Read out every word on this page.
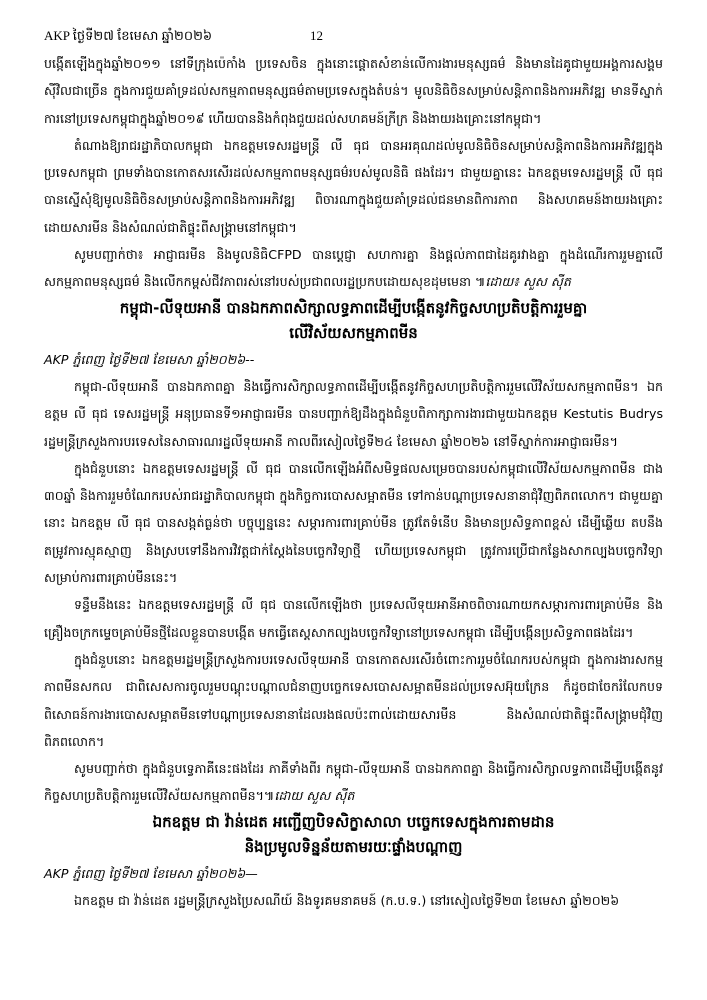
AKP ថ្ងៃទី២៧ ខែមេសា ឆ្នាំ២០២៦	12

បង្កើតឡើងក្នុងឆ្នាំ២០១១ នៅទីក្រុងប៉េកាំង ប្រទេសចិន ក្នុងនោះផ្ដោតសំខាន់លើការងារមនុស្សធម៌ និងមានដៃគូជាមួយអង្គការសង្គមស៊ីវិលជាច្រើន ក្នុងការជួយគាំទ្រដល់សកម្មភាពមនុស្សធម៌តាមប្រទេសក្នុងតំបន់។ មូលនិធិចិនសម្រាប់សន្តិភាពនិងការអភិវឌ្ឍ មានទីស្នាក់ការនៅប្រទេសកម្ពុជាក្នុងឆ្នាំ២០១៩ ហើយបាននិងកំពុងជួយដល់សហគមន៍ក្រីក្រ និងងាយរងគ្រោះនៅកម្ពុជា។

តំណាងឱ្យរាជរដ្ឋាភិបាលកម្ពុជា ឯកឧត្តមទេសរដ្ឋមន្ត្រី លី ធុជ បានអរគុណដល់មូលនិធិចិនសម្រាប់សន្តិភាពនិងការអភិវឌ្ឍក្នុងប្រទេសកម្ពុជា ព្រមទាំងបានកោតសរសើរដល់សកម្មភាពមនុស្សធម៌របស់មូលនិធិ ផងដែរ។ ជាមួយគ្នានេះ ឯកឧត្តមទេសរដ្ឋមន្ត្រី លី ធុជ បានស្នើសុំឱ្យមូលនិធិចិនសម្រាប់សន្តិភាពនិងការអភិវឌ្ឍ ពិចារណាក្នុងជួយគាំទ្រដល់ជនមានពិការភាព និងសហគមន៍ងាយរងគ្រោះដោយសារមីន និងសំណល់ជាតិផ្ទុះពីសង្គ្រាមនៅកម្ពុជា។

សូមបញ្ជាក់ថា៖ អាជ្ញាធរមីន និងមូលនិធិCFPD បានប្ដេជ្ញា សហការគ្នា និងផ្ដល់ភាពជាដៃគូរវាងគ្នា ក្នុងដំណើរការរួមគ្នាលើសកម្មភាពមនុស្សធម៌ និងលើកកម្ពស់ជីវភាពរស់នៅរបស់ប្រជាពលរដ្ឋប្រកបដោយសុខដុមមេនា ៕ដោយ៖ សួស ស៊ីត

កម្ពុជា-លីទុយអានី បានឯកភាពសិក្សាលទ្ធភាពដើម្បីបង្កើតនូវកិច្ចសហប្រតិបត្តិការរួមគ្នា
លើវិស័យសកម្មភាពមីន
AKP ភ្នំពេញ ថ្ងៃទី២៧ ខែមេសា ឆ្នាំ២០២៦--

កម្ពុជា-លីទុយអានី បានឯកភាពគ្នា និងធ្វើការសិក្សាលទ្ធភាពដើម្បីបង្កើតនូវកិច្ចសហប្រតិបត្តិការរួមលើវិស័យសកម្មភាពមីន។ ឯកឧត្តម លី ធុជ ទេសរដ្ឋមន្ត្រី អនុប្រធានទី១អាជ្ញាធរមីន បានបញ្ជាក់ឱ្យដឹងក្នុងជំនួបពិភាក្សាការងារជាមួយឯកឧត្តម Kestutis Budrys រដ្ឋមន្ត្រីក្រសួងការបរទេសនៃសាធារណរដ្ឋលីទុយអានី កាលពីរសៀលថ្ងៃទី២៤ ខែមេសា ឆ្នាំ២០២៦ នៅទីស្នាក់ការអាជ្ញាធរមីន។

ក្នុងជំនួបនោះ ឯកឧត្តមទេសរដ្ឋមន្ត្រី លី ធុជ បានលើកឡើងអំពីសមិទ្ធផលសម្រេចបានរបស់កម្ពុជាលើវិស័យសកម្មភាពមីន ជាង ៣០ឆ្នាំ និងការរួមចំណែករបស់រាជរដ្ឋាភិបាលកម្ពុជា ក្នុងកិច្ចការបោសសម្អាតមីន ទៅកាន់បណ្ដាប្រទេសនានាជុំវិញពិភពលោក។ ជាមួយគ្នានោះ ឯកឧត្តម លី ធុជ បានសង្កត់ធ្ងន់ថា បច្ចុប្បន្ននេះ សម្ភារការពារគ្រាប់មីន ត្រូវតែទំនើប និងមានប្រសិទ្ធភាពខ្ពស់ ដើម្បីឆ្លើយ តបនឹងតម្រូវការស្មុគស្មាញ និងស្របទៅនឹងការវិវត្តជាក់ស្ដែងនៃបច្ចេកវិទ្យាថ្មី ហើយប្រទេសកម្ពុជា ត្រូវការប្រើជាកន្លែងសាកល្បងបច្ចេកវិទ្យាសម្រាប់ការពារគ្រាប់មីននេះ។

ទន្ទឹមនឹងនេះ ឯកឧត្តមទេសរដ្ឋមន្ត្រី លី ធុជ បានលើកឡើងថា ប្រទេសលីទុយអានីអាចពិចារណាយកសម្ភារការពារគ្រាប់មីន និងគ្រឿងចក្រកម្ទេចគ្រាប់មីនថ្មីដែលខ្លួនបានបង្កើត មកធ្វើតេស្តសាកល្បងបច្ចេកវិទ្យានៅប្រទេសកម្ពុជា ដើម្បីបង្កើនប្រសិទ្ធភាពផងដែរ។

ក្នុងជំនួបនោះ ឯកឧត្តមរដ្ឋមន្ត្រីក្រសួងការបរទេសលីទុយអានី បានកោតសរសើរចំពោះការរួមចំណែករបស់កម្ពុជា ក្នុងការងារសកម្មភាពមីនសកល ជាពិសេសការចូលរួមបណ្ដុះបណ្ដាលជំនាញបច្ចេកទេសបោសសម្អាតមីនដល់ប្រទេសអ៊ុយក្រែន ក៏ដូចជាចែករំលែកបទពិសោធន៍ការងារបោសសម្អាតមីនទៅបណ្ដាប្រទេសនានាដែលរងផលប៉ះពាល់ដោយសារមីន និងសំណល់ជាតិផ្ទុះពីសង្គ្រាមជុំវិញពិភពលោក។

សូមបញ្ជាក់ថា ក្នុងជំនួបទ្វេភាគីនេះផងដែរ ភាគីទាំងពីរ កម្ពុជា-លីទុយអានី បានឯកភាពគ្នា និងធ្វើការសិក្សាលទ្ធភាពដើម្បីបង្កើតនូវកិច្ចសហប្រតិបត្តិការរួមលើវិស័យសកម្មភាពមីន។៕ដោយ សួស ស៊ីត

ឯកឧត្តម ជា វ៉ាន់ដេត អញ្ជើញបិទសិក្ខាសាលា បច្ចេកទេសក្នុងការតាមដាន
និងប្រមូលទិន្នន័យតាមរយៈផ្ទាំងបណ្ដាញ
AKP ភ្នំពេញ ថ្ងៃទី២៧ ខែមេសា ឆ្នាំ២០២៦—

ឯកឧត្តម ជា វ៉ាន់ដេត រដ្ឋមន្ត្រីក្រសួងប្រៃសណីយ៍ និងទូរគមនាគមន៍ (ក.ប.ទ.) នៅរសៀលថ្ងៃទី២៣ ខែមេសា ឆ្នាំ២០២៦
